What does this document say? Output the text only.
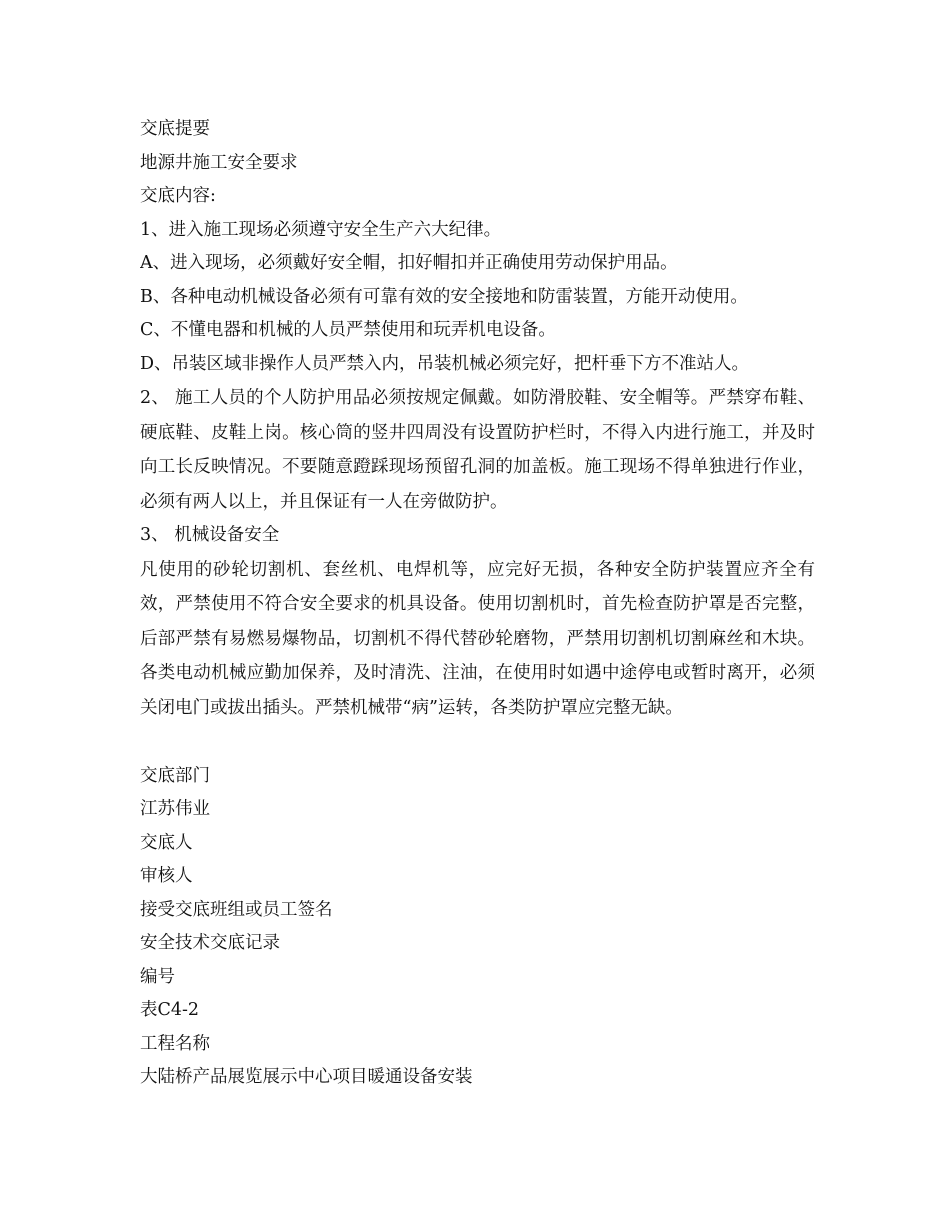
交底提要
地源井施工安全要求
交底内容:
1、进入施工现场必须遵守安全生产六大纪律。
A、进入现场，必须戴好安全帽，扣好帽扣并正确使用劳动保护用品。
B、各种电动机械设备必须有可靠有效的安全接地和防雷装置，方能开动使用。
C、不懂电器和机械的人员严禁使用和玩弄机电设备。
D、吊装区域非操作人员严禁入内，吊装机械必须完好，把杆垂下方不准站人。
2、 施工人员的个人防护用品必须按规定佩戴。如防滑胶鞋、安全帽等。严禁穿布鞋、硬底鞋、皮鞋上岗。核心筒的竖井四周没有设置防护栏时，不得入内进行施工，并及时向工长反映情况。不要随意蹬踩现场预留孔洞的加盖板。施工现场不得单独进行作业，必须有两人以上，并且保证有一人在旁做防护。
3、 机械设备安全
凡使用的砂轮切割机、套丝机、电焊机等，应完好无损，各种安全防护装置应齐全有效，严禁使用不符合安全要求的机具设备。使用切割机时，首先检查防护罩是否完整，后部严禁有易燃易爆物品，切割机不得代替砂轮磨物，严禁用切割机切割麻丝和木块。各类电动机械应勤加保养，及时清洗、注油，在使用时如遇中途停电或暂时离开，必须关闭电门或拔出插头。严禁机械带“病”运转，各类防护罩应完整无缺。
交底部门
江苏伟业
交底人
审核人
接受交底班组或员工签名
安全技术交底记录
编号
表C4-2
工程名称
大陆桥产品展览展示中心项目暖通设备安装
